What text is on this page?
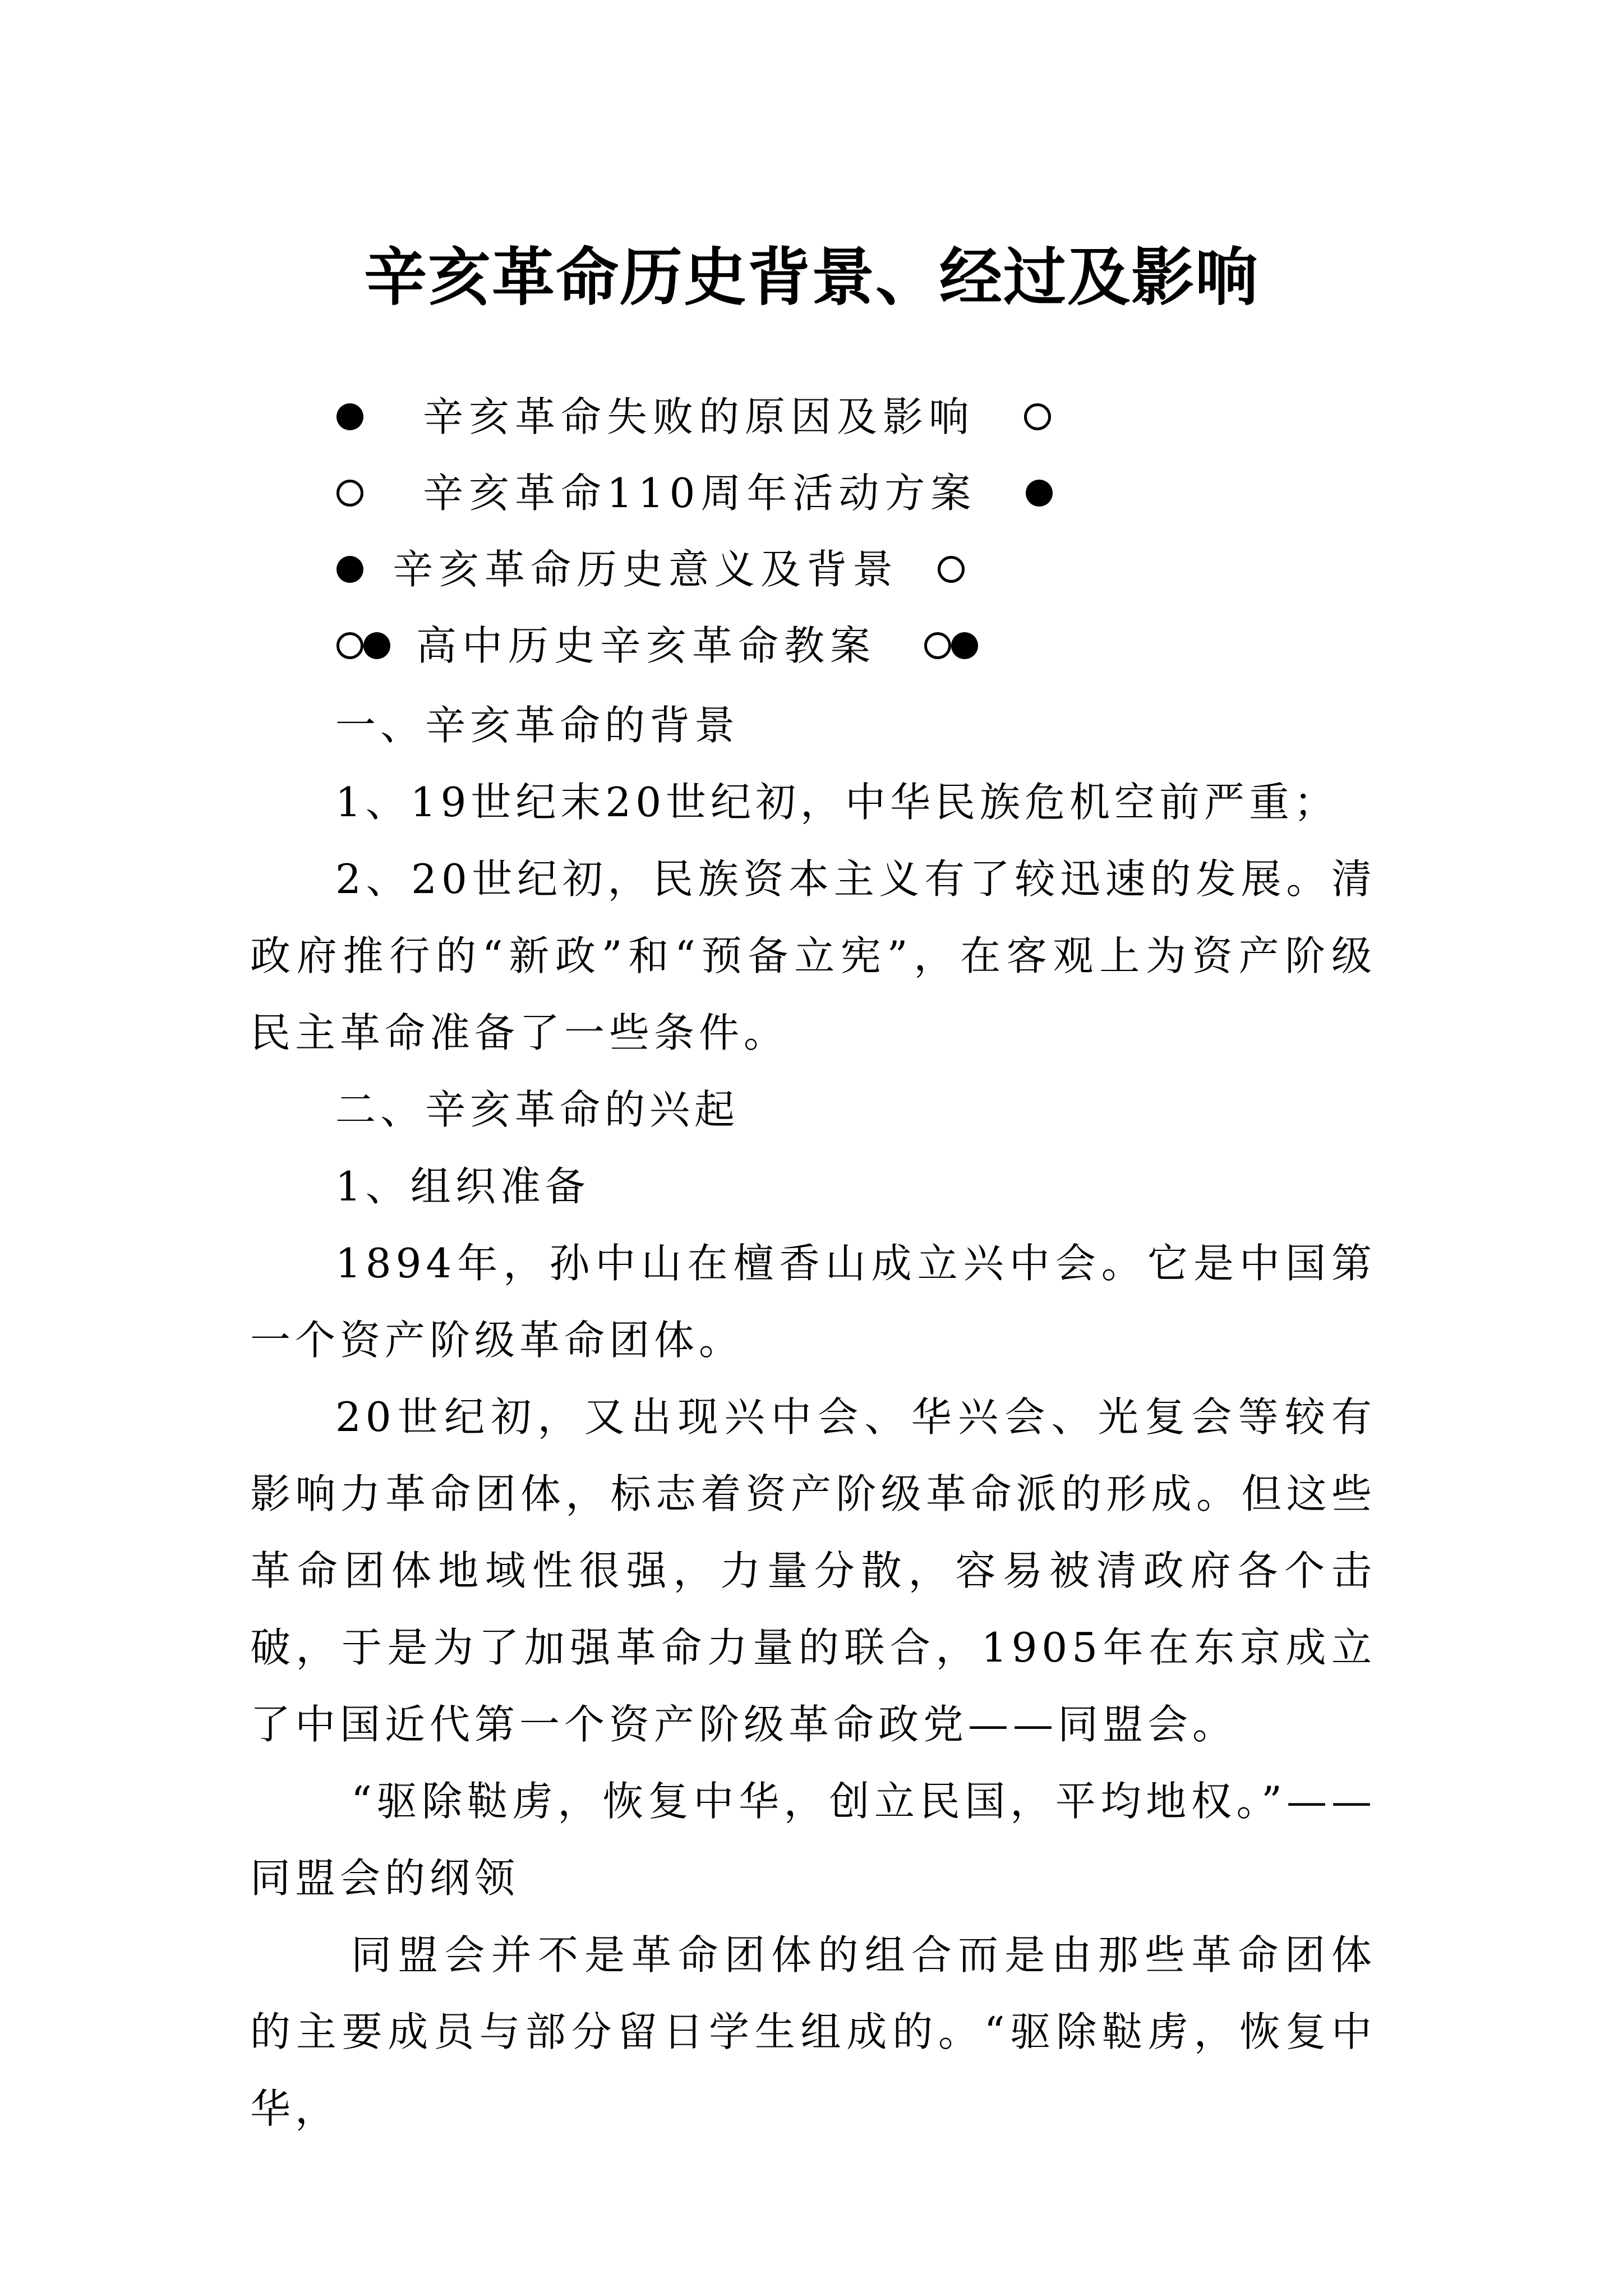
辛亥革命历史背景、经过及影响
辛亥革命失败的原因及影响
辛亥革命110周年活动方案
辛亥革命历史意义及背景
高中历史辛亥革命教案

一、辛亥革命的背景

1、19世纪末20世纪初，中华民族危机空前严重；

2、20世纪初，民族资本主义有了较迅速的发展。清政府推行的“新政”和“预备立宪”，在客观上为资产阶级民主革命准备了一些条件。

二、辛亥革命的兴起

1、组织准备

1894年，孙中山在檀香山成立兴中会。它是中国第一个资产阶级革命团体。

20世纪初，又出现兴中会、华兴会、光复会等较有影响力革命团体，标志着资产阶级革命派的形成。但这些革命团体地域性很强，力量分散，容易被清政府各个击破，于是为了加强革命力量的联合，1905年在东京成立了中国近代第一个资产阶级革命政党——同盟会。

“驱除鞑虏，恢复中华，创立民国，平均地权。”——同盟会的纲领

同盟会并不是革命团体的组合而是由那些革命团体的主要成员与部分留日学生组成的。“驱除鞑虏，恢复中华，
